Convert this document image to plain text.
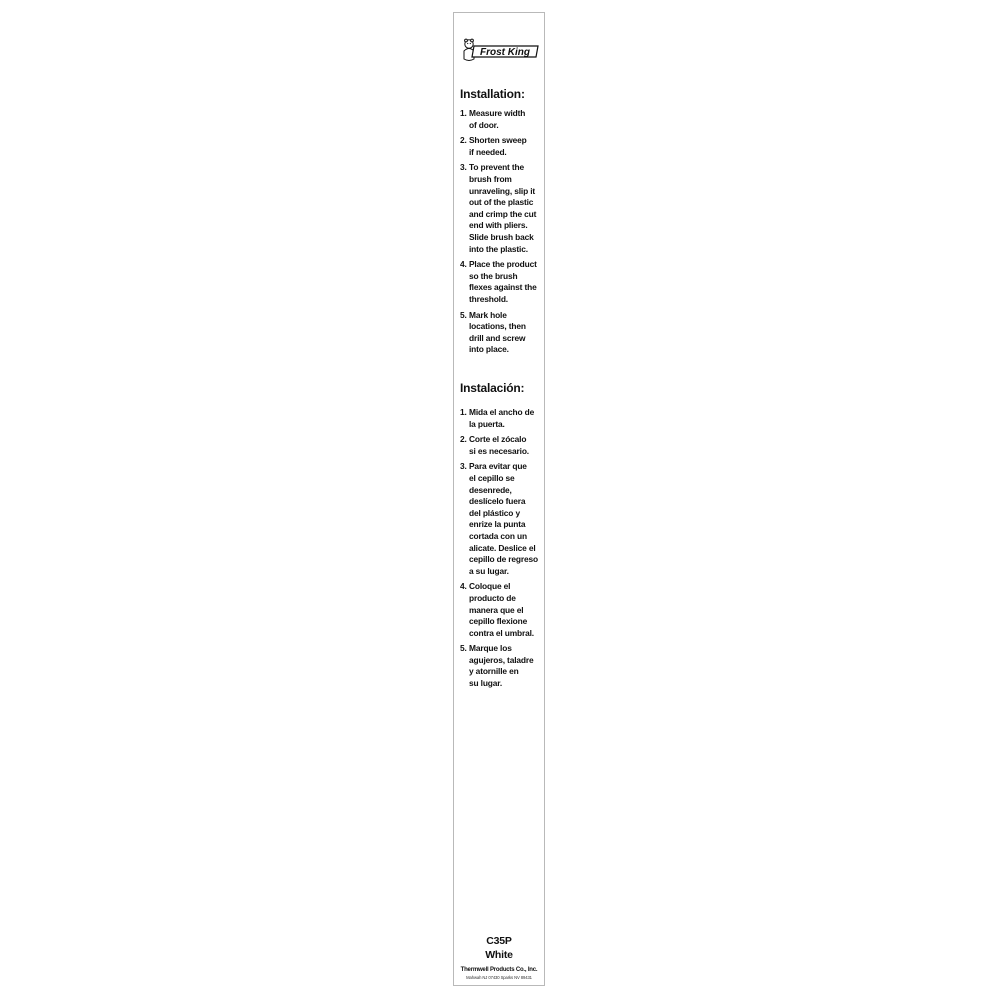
Frost King
Installation:
1. Measure width
of door.
2. Shorten sweep
if needed.
3. To prevent the
brush from
unraveling, slip it
out of the plastic
and crimp the cut
end with pliers.
Slide brush back
into the plastic.
4. Place the product
so the brush
flexes against the
threshold.
5. Mark hole
locations, then
drill and screw
into place.
Instalación:
1. Mida el ancho de
la puerta.
2. Corte el zócalo
si es necesario.
3. Para evitar que
el cepillo se
desenrede,
deslícelo fuera
del plástico y
enrize la punta
cortada con un
alicate. Deslice el
cepillo de regreso
a su lugar.
4. Coloque el
producto de
manera que el
cepillo flexione
contra el umbral.
5. Marque los
agujeros, taladre
y atornille en
su lugar.
C35P
White
Thermwell Products Co., Inc.
Mahwah NJ 07430 Sparks NV 89431
